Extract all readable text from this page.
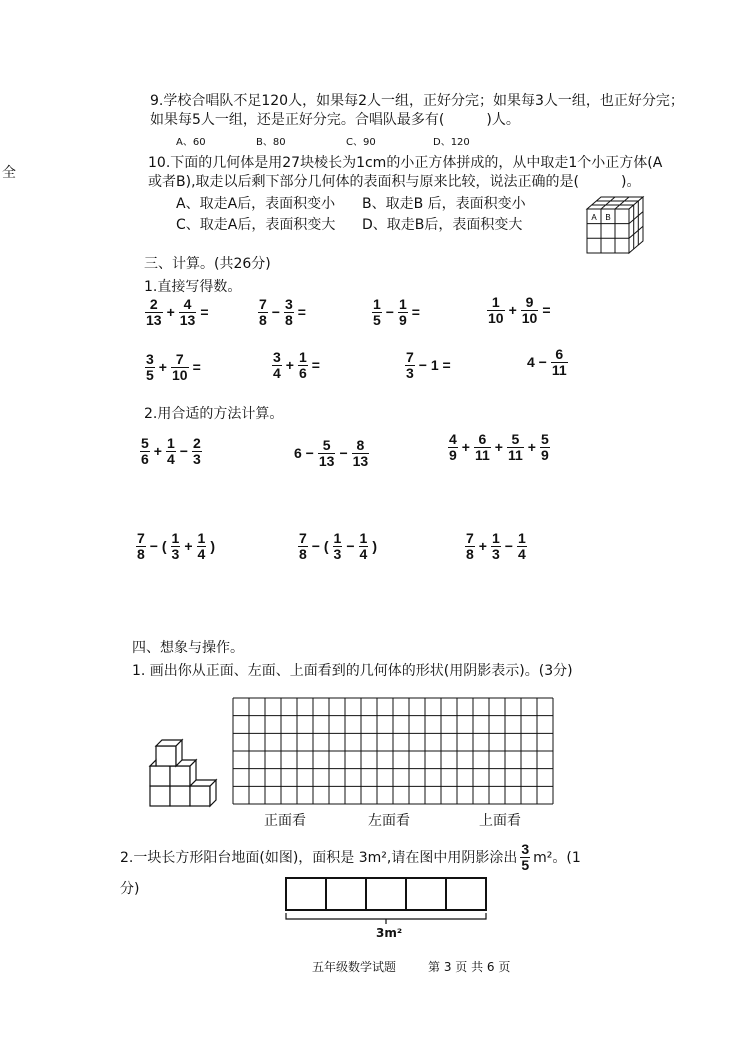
全
9.学校合唱队不足120人，如果每2人一组，正好分完；如果每3人一组，也正好分完；
如果每5人一组，还是正好分完。合唱队最多有(　　　)人。
A、60	B、80	C、90	D、120
10.下面的几何体是用27块棱长为1cm的小正方体拼成的，从中取走1个小正方体(A
或者B),取走以后剩下部分几何体的表面积与原来比较，说法正确的是(　　　)。
A、取走A后，表面积变小 B、取走B 后，表面积变小
C、取走A后，表面积变大 D、取走B后，表面积变大	A B
三、计算。(共26分)
1.直接写得数。
$\frac{2}{13} + \frac{4}{13}$ =	$\frac{7}{8} - \frac{3}{8}$ =	$\frac{1}{5} - \frac{1}{9}$ =	$\frac{1}{10} + \frac{9}{10}$ =
$\frac{3}{5} + \frac{7}{10}$ =	$\frac{3}{4} + \frac{1}{6}$ =	$\frac{7}{3} - 1$ =	$4 - \frac{6}{11}$
2.用合适的方法计算。
$\frac{5}{6} + \frac{1}{4} - \frac{2}{3}$	$6 - \frac{5}{13} - \frac{8}{13}$	$\frac{4}{9} + \frac{6}{11} + \frac{5}{11} + \frac{5}{9}$
$\frac{7}{8}$ − ( $\frac{1}{3} + \frac{1}{4}$ )	$\frac{7}{8}$ − ( $\frac{1}{3} - \frac{1}{4}$ )	$\frac{7}{8} + \frac{1}{3} - \frac{1}{4}$
四、想象与操作。
1. 画出你从正面、左面、上面看到的几何体的形状(用阴影表示)。(3分)
正面看	左面看	上面看
2.一块长方形阳台地面(如图)，面积是 3m²,请在图中用阴影涂出 $\frac{3}{5} m^2$。(1
分)
3m²
五年级数学试题	第 3 页 共 6 页
